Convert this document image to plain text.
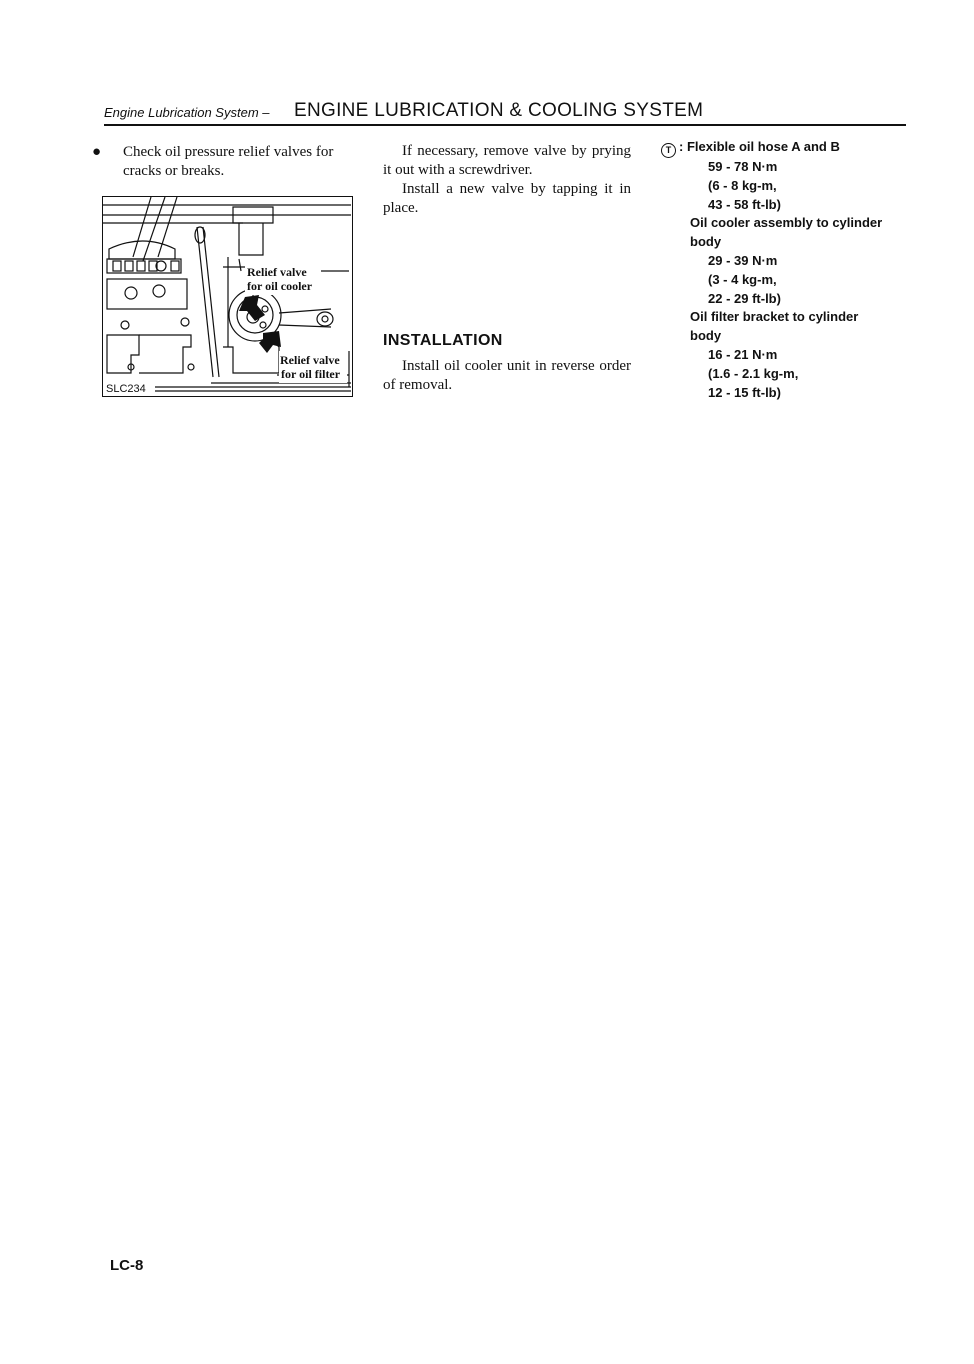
Engine Lubrication System – ENGINE LUBRICATION & COOLING SYSTEM
● Check oil pressure relief valves for cracks or breaks.
Relief valve
for oil cooler
Relief valve
for oil filter
SLC234

If necessary, remove valve by prying it out with a screwdriver.

Install a new valve by tapping it in place.

INSTALLATION

Install oil cooler unit in reverse order of removal.

T : Flexible oil hose A and B
59 - 78 N·m
(6 - 8 kg-m,
43 - 58 ft-lb)
Oil cooler assembly to cylinder
body
29 - 39 N·m
(3 - 4 kg-m,
22 - 29 ft-lb)
Oil filter bracket to cylinder
body
16 - 21 N·m
(1.6 - 2.1 kg-m,
12 - 15 ft-lb)
LC-8
